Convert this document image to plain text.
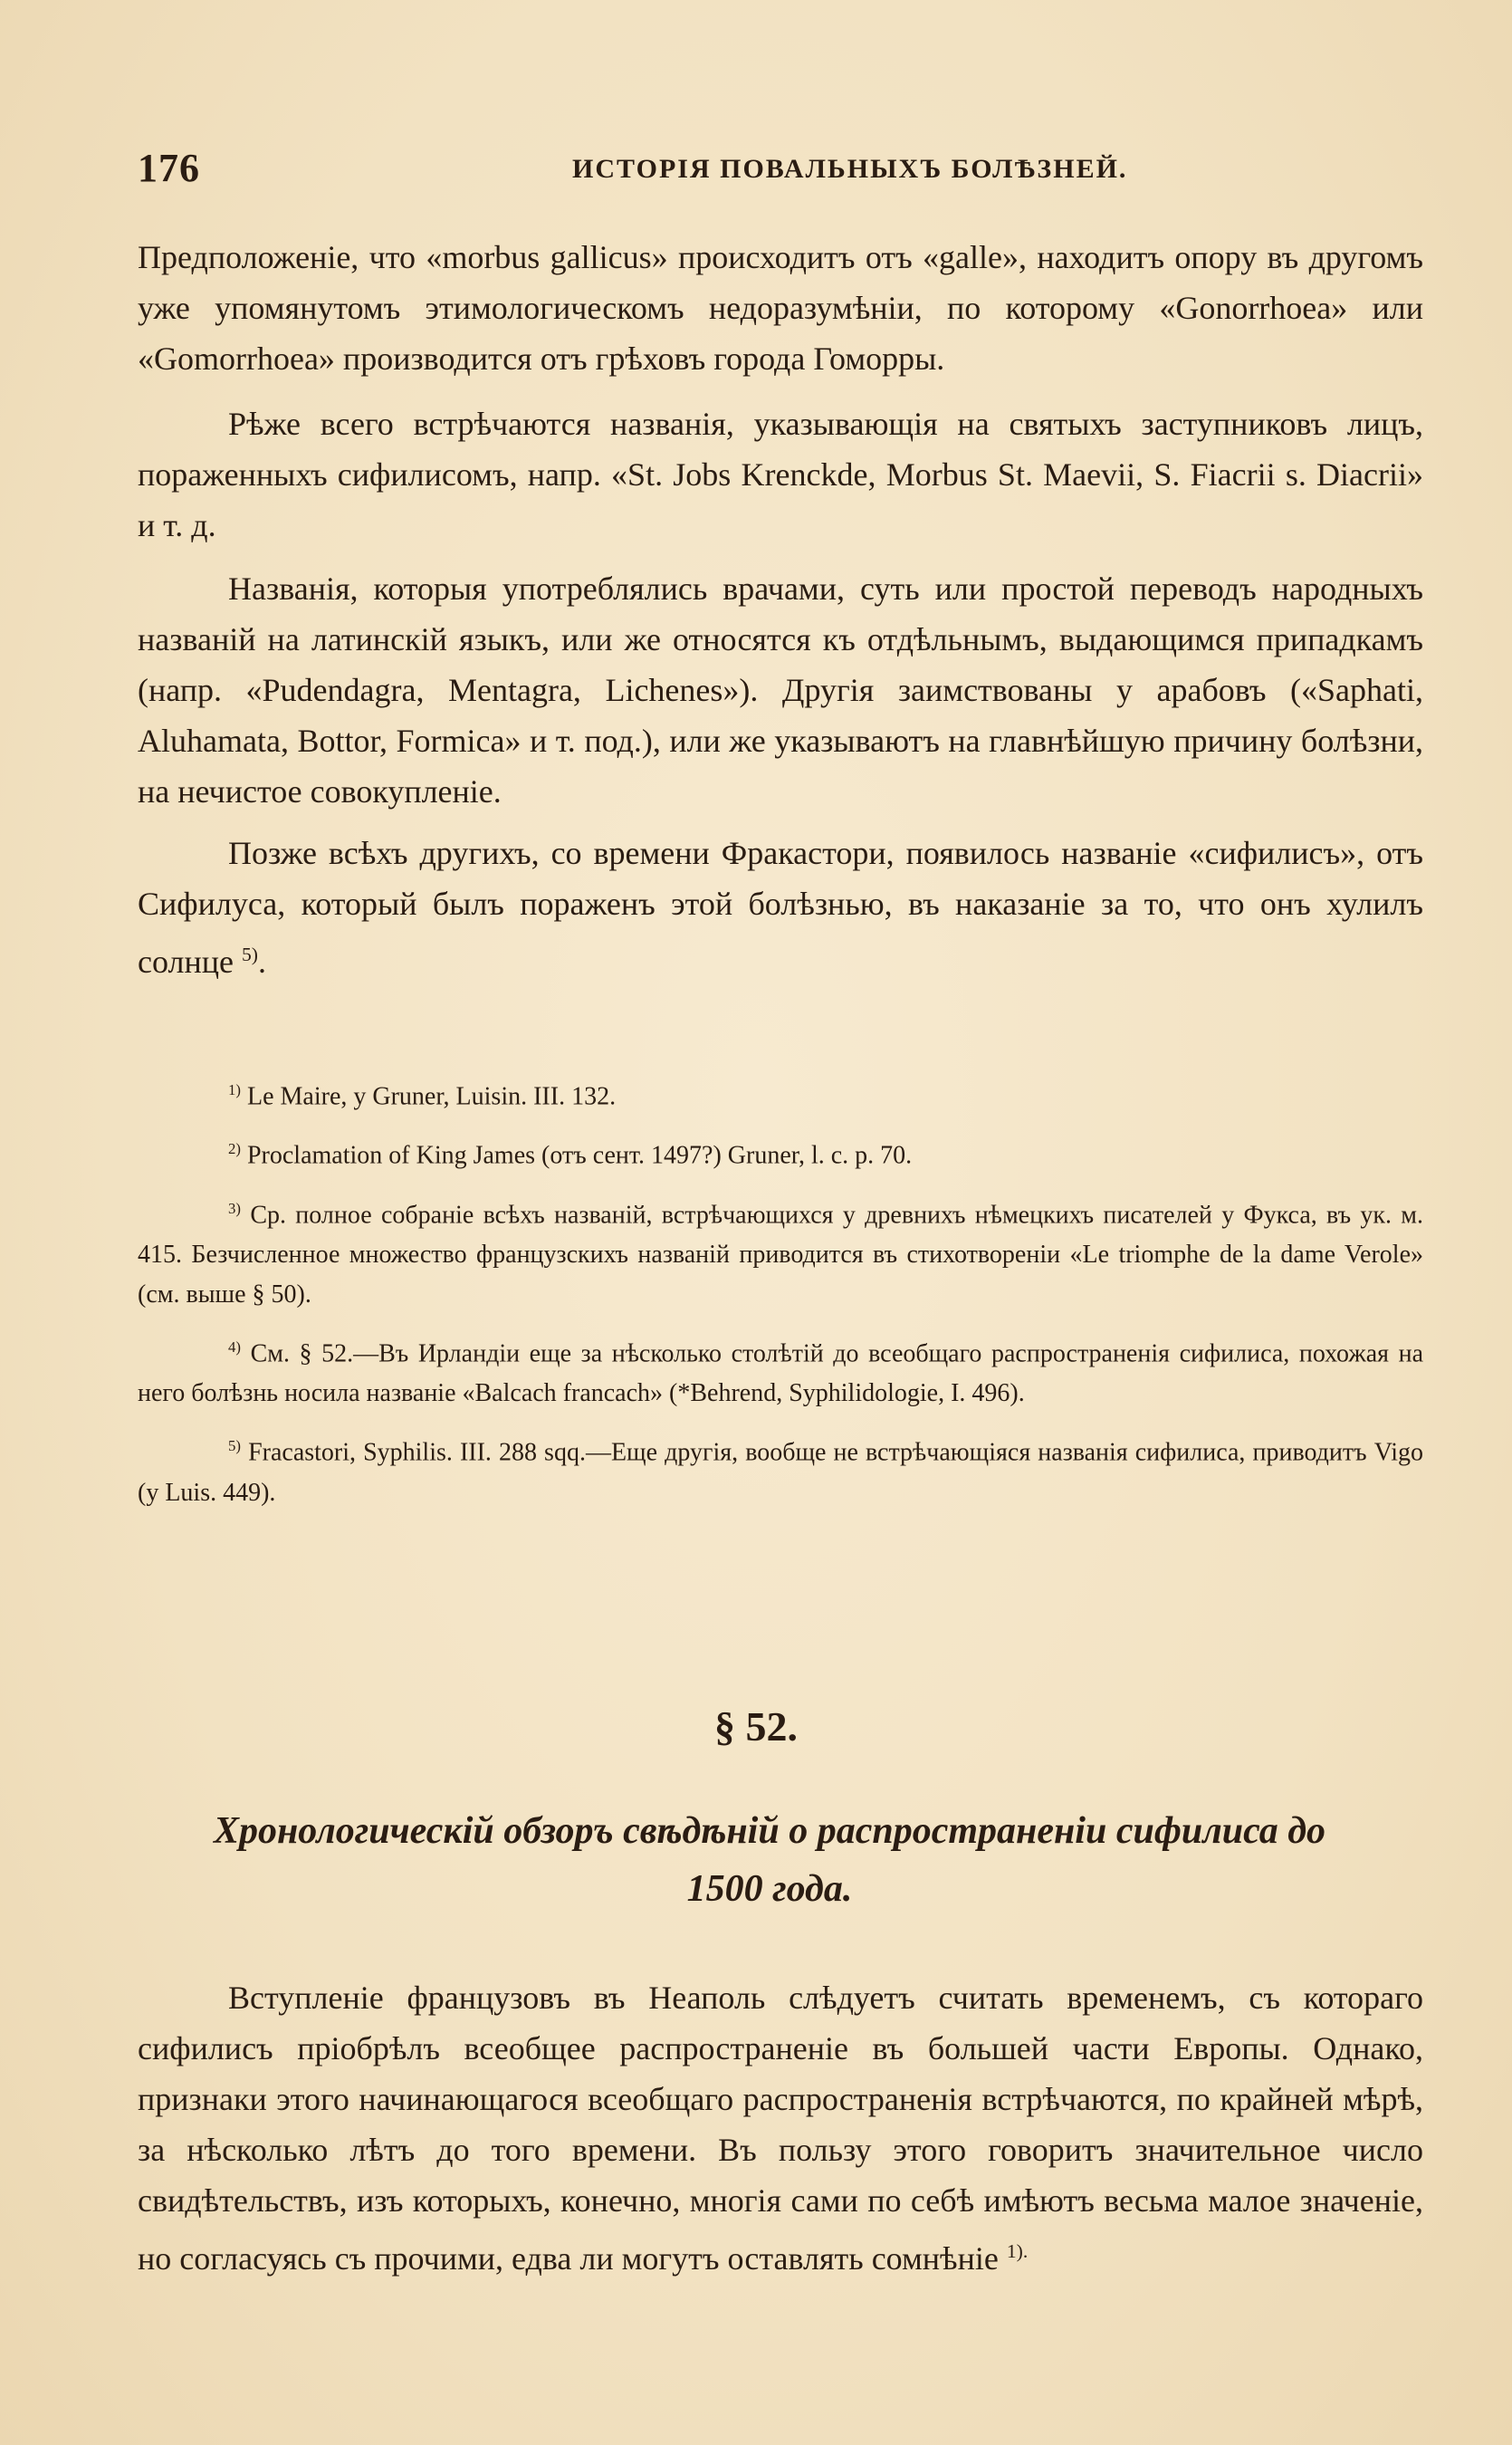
176	ИСТОРІЯ ПОВАЛЬНЫХЪ БОЛѢЗНЕЙ.

Предположеніе, что «morbus gallicus» происходитъ отъ «galle», находитъ опору въ другомъ уже упомянутомъ этимологическомъ недоразумѣніи, по которому «Gonorrhoea» или «Gomorrhoea» производится отъ грѣховъ города Гоморры.

Рѣже всего встрѣчаются названія, указывающія на святыхъ заступниковъ лицъ, пораженныхъ сифилисомъ, напр. «St. Jobs Krenckde, Morbus St. Maevii, S. Fiacrii s. Diacrii» и т. д.

Названія, которыя употреблялись врачами, суть или простой переводъ народныхъ названій на латинскій языкъ, или же относятся къ отдѣльнымъ, выдающимся припадкамъ (напр. «Pudendagra, Mentagra, Lichenes»). Другія заимствованы у арабовъ («Saphati, Aluhamata, Bottor, Formica» и т. под.), или же указываютъ на главнѣйшую причину болѣзни, на нечистое совокупленіе.

Позже всѣхъ другихъ, со времени Фракастори, появилось названіе «сифилисъ», отъ Сифилуса, который былъ пораженъ этой болѣзнью, въ наказаніе за то, что онъ хулилъ солнце $^{5)}$.

$^{1)}$ Le Maire, у Gruner, Luisin. III. 132.

$^{2)}$ Proclamation of King James (отъ сент. 1497?) Gruner, l. c. p. 70.

$^{3)}$ Ср. полное собраніе всѣхъ названій, встрѣчающихся у древнихъ нѣмецкихъ писателей у Фукса, въ ук. м. 415. Безчисленное множество французскихъ названій приводится въ стихотвореніи «Le triomphe de la dame Verole» (см. выше § 50).

$^{4)}$ См. § 52.—Въ Ирландіи еще за нѣсколько столѣтій до всеобщаго распространенія сифилиса, похожая на него болѣзнь носила названіе «Balcach francach» (*Behrend, Syphilidologie, I. 496).

$^{5)}$ Fracastori, Syphilis. III. 288 sqq.—Еще другія, вообще не встрѣчающіяся названія сифилиса, приводитъ Vigo (у Luis. 449).

§ 52.
Хронологическій обзоръ свѣдѣній о распространеніи сифилиса до 1500 года.

Вступленіе французовъ въ Неаполь слѣдуетъ считать временемъ, съ которaго сифилисъ пріобрѣлъ всеобщее распространеніе въ большей части Европы. Однако, признаки этого начинающагося всеобщаго распространенія встрѣчаются, по крайней мѣрѣ, за нѣсколько лѣтъ до того времени. Въ пользу этого говоритъ значительное число свидѣтельствъ, изъ которыхъ, конечно, многія сами по себѣ имѣютъ весьма малое значеніе, но согласуясь съ прочими, едва ли могутъ оставлять сомнѣніе $^{1).}$
